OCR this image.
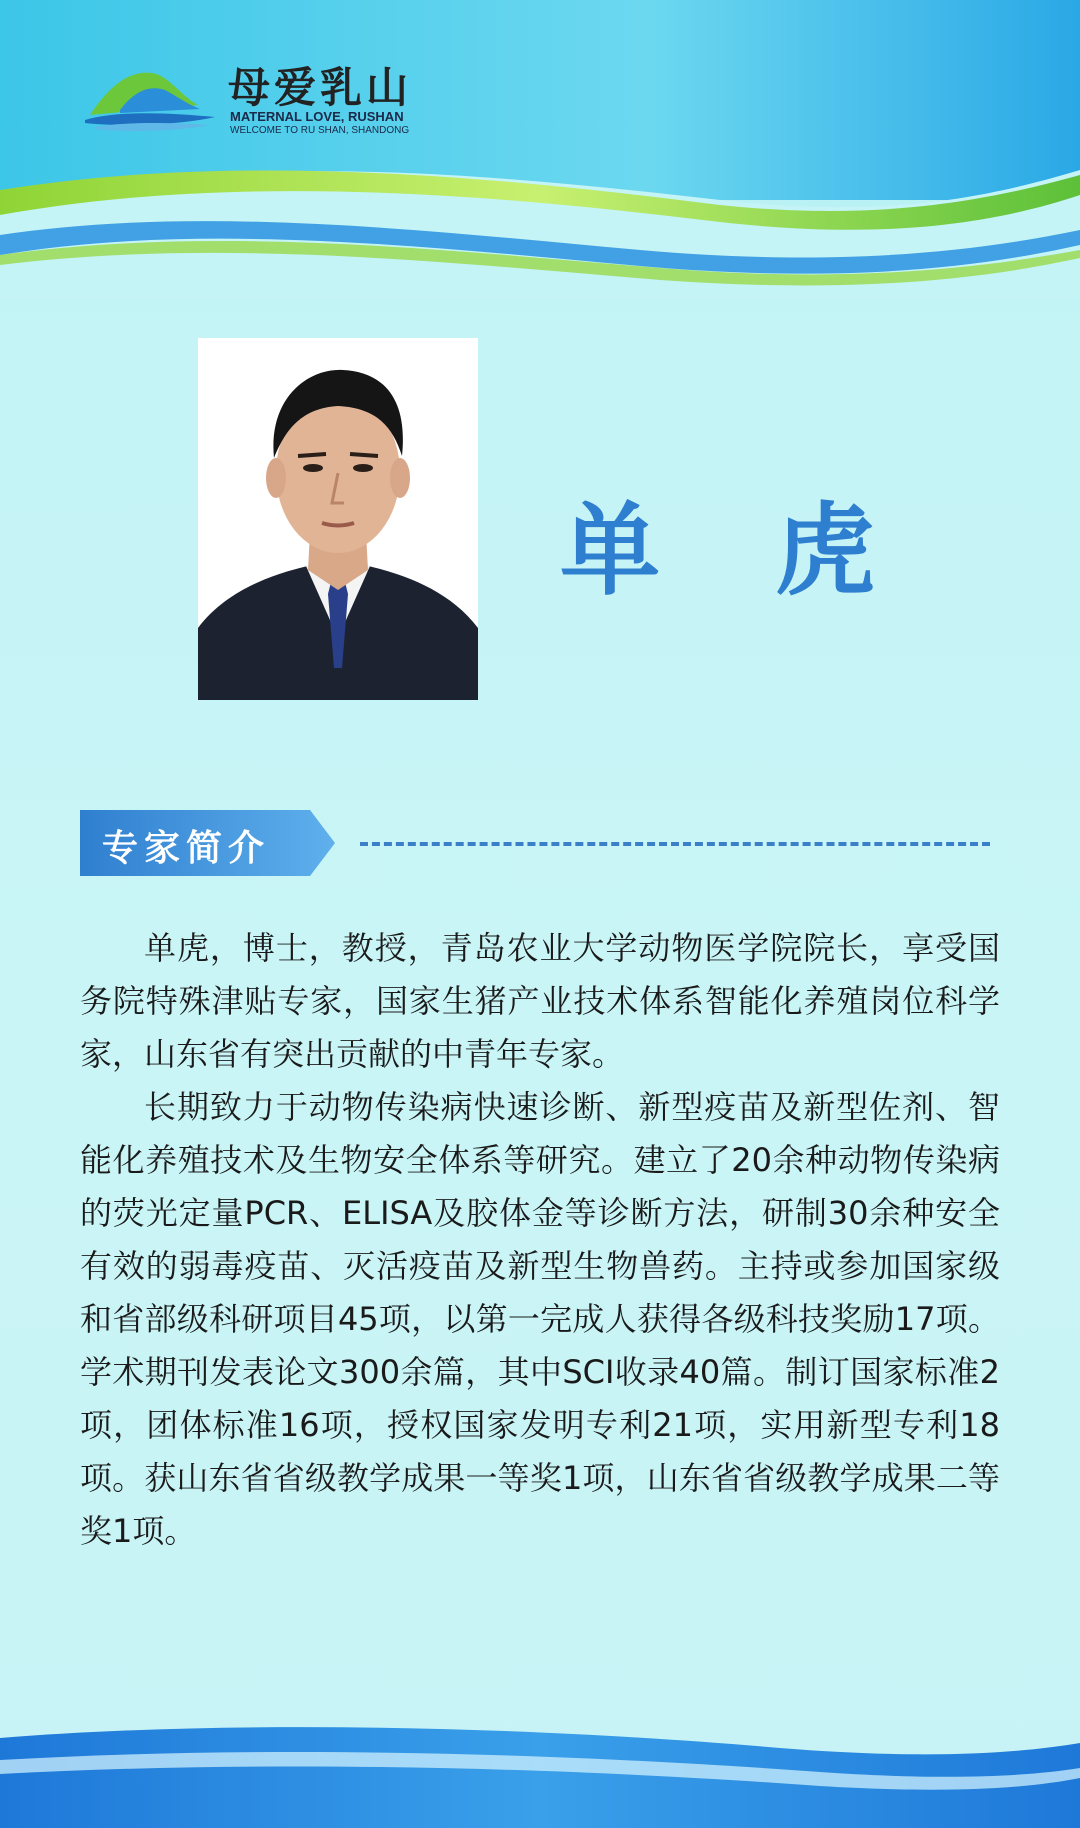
母爱乳山
MATERNAL LOVE, RUSHAN
WELCOME TO RU SHAN, SHANDONG
单 虎
专家简介

单虎，博士，教授，青岛农业大学动物医学院院长，享受国务院特殊津贴专家，国家生猪产业技术体系智能化养殖岗位科学家，山东省有突出贡献的中青年专家。

长期致力于动物传染病快速诊断、新型疫苗及新型佐剂、智能化养殖技术及生物安全体系等研究。建立了20余种动物传染病的荧光定量PCR、ELISA及胶体金等诊断方法，研制30余种安全有效的弱毒疫苗、灭活疫苗及新型生物兽药。主持或参加国家级和省部级科研项目45项，以第一完成人获得各级科技奖励17项。学术期刊发表论文300余篇，其中SCI收录40篇。制订国家标准2项，团体标准16项，授权国家发明专利21项，实用新型专利18项。获山东省省级教学成果一等奖1项，山东省省级教学成果二等奖1项。
